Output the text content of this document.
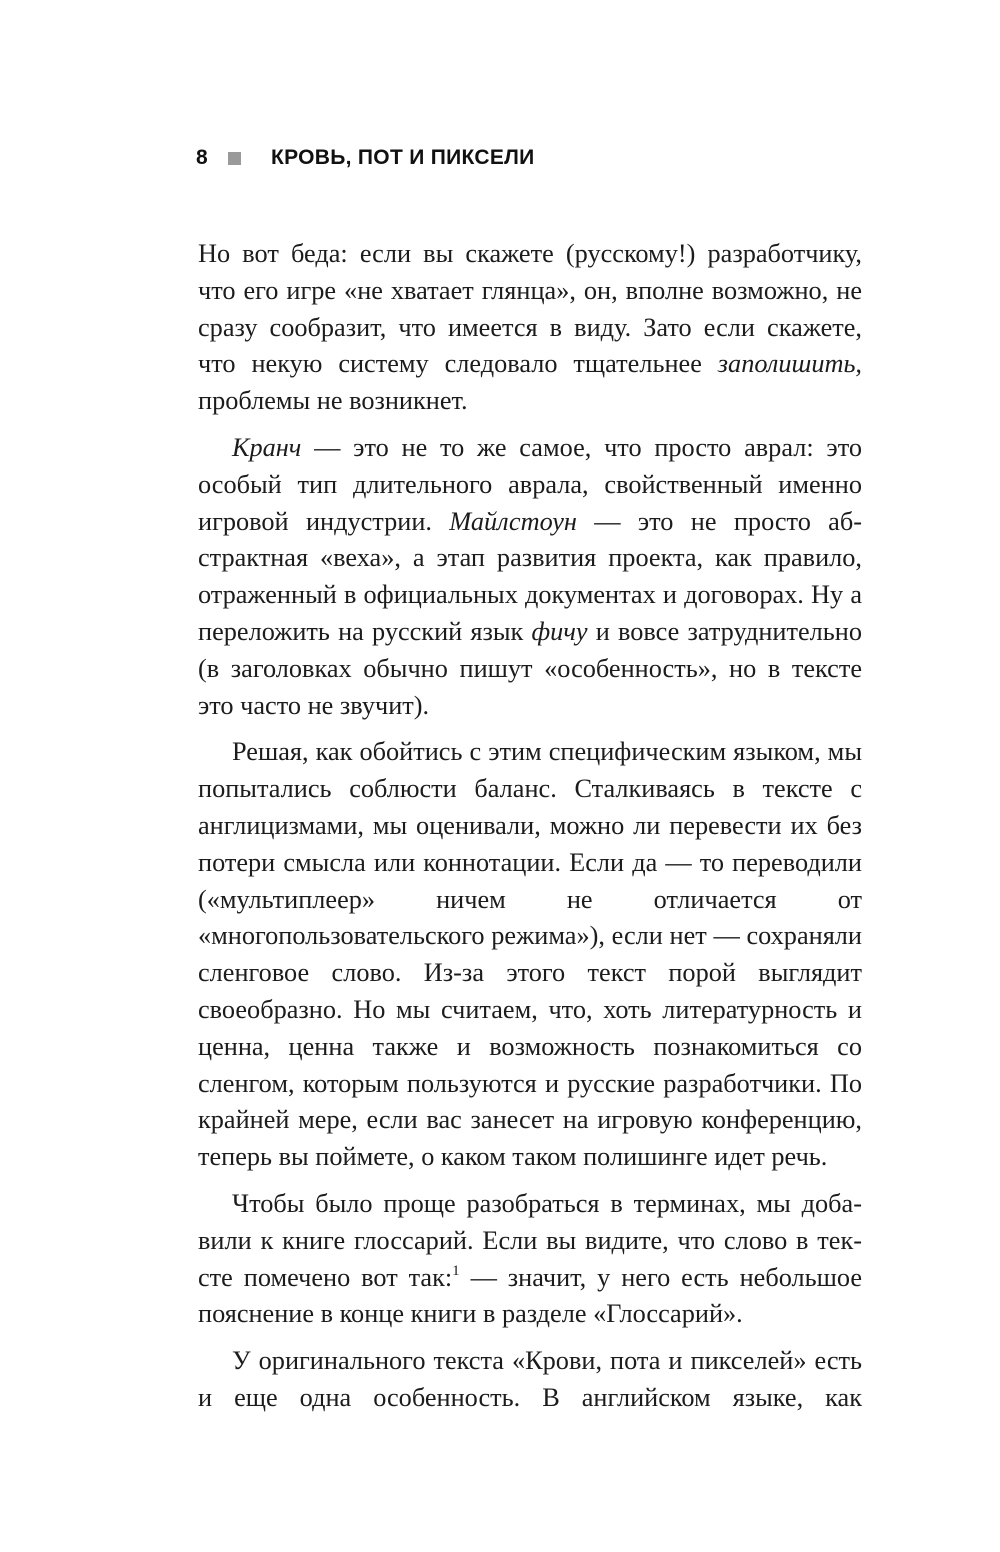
8	КРОВЬ, ПОТ И ПИКСЕЛИ

Но вот беда: если вы скажете (русскому!) разработчику, что его игре «не хватает глянца», он, вполне возможно, не сразу сообразит, что имеется в виду. Зато если скажете, что некую систему следовало тщательнее заполишить, проблемы не возникнет.

Кранч — это не то же самое, что просто аврал: это особый тип длительного аврала, свойственный именно игровой индустрии. Майлстоун — это не просто абстрактная «веха», а этап развития проекта, как правило, отраженный в официальных документах и договорах. Ну а переложить на русский язык фичу и вовсе затруднительно (в заголовках обычно пишут «особенность», но в тексте это часто не звучит).

Решая, как обойтись с этим специфическим языком, мы попытались соблюсти баланс. Сталкиваясь в тексте с англицизмами, мы оценивали, можно ли перевести их без потери смысла или коннотации. Если да — то переводили («мультиплеер» ничем не отличается от «многопользовательского режима»), если нет — сохраняли сленговое слово. Из-за этого текст порой выглядит своеобразно. Но мы считаем, что, хоть литературность и ценна, ценна также и возможность познакомиться со сленгом, которым пользуются и русские разработчики. По крайней мере, если вас занесет на игровую конференцию, теперь вы поймете, о каком таком полишинге идет речь.

Чтобы было проще разобраться в терминах, мы добавили к книге глоссарий. Если вы видите, что слово в тексте помечено вот так:$^1$ — значит, у него есть небольшое пояснение в конце книги в разделе «Глоссарий».

У оригинального текста «Крови, пота и пикселей» есть и еще одна особенность. В английском языке, как
